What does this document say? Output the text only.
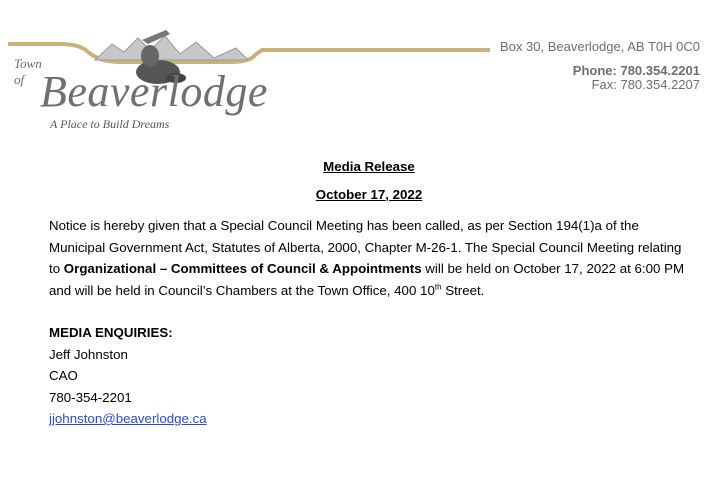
Town
of Beaverlodge
A Place to Build Dreams
Box 30, Beaverlodge, AB T0H 0C0
Phone: 780.354.2201
Fax: 780.354.2207
Media Release
October 17, 2022
Notice is hereby given that a Special Council Meeting has been called, as per Section 194(1)a of the Municipal Government Act, Statutes of Alberta, 2000, Chapter M-26-1. The Special Council Meeting relating to Organizational – Committees of Council & Appointments will be held on October 17, 2022 at 6:00 PM and will be held in Council’s Chambers at the Town Office, 400 10th Street.
MEDIA ENQUIRIES:
Jeff Johnston
CAO
780-354-2201
jjohnston@beaverlodge.ca
